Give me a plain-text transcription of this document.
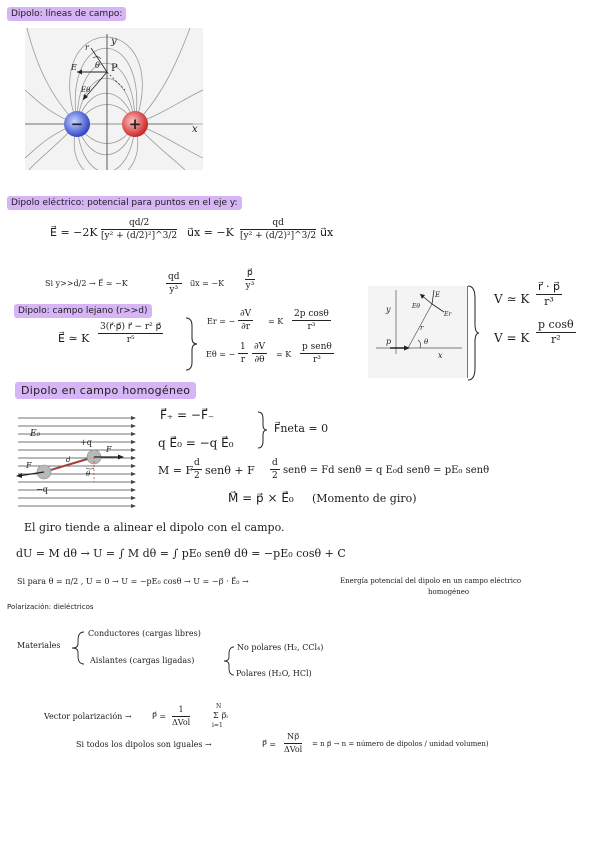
Dipolo: líneas de campo:
−	+
y
P
r
θ
E
Eθ
x
Dipolo eléctrico: potencial para puntos en el eje y:
E⃗ = $-2K \frac{qd/2}{\text{[y² + (d/2)²]\textasciicircum{}3/2}}$ u⃗x = $-K \frac{qd}{\text{[y² + (d/2)²]\textasciicircum{}3/2}}$ u⃗x
Si y>>d/2 → E⃗ ≃ −K	$\frac{qd}{\text{y³}}$ u⃗x = $-K \frac{p⃗}{\text{y³}}$
Dipolo: campo lejano (r>>d)
E⃗ ≃ K $\frac{\text{3(r⃗·p⃗) r⃗ − r² p⃗}}{\text{r⁵}}$
Er = − $\frac{\partial V}{\partial r} = K \frac{\text{2p cosθ}}{\text{r³}}$
Eθ = − $\frac{1}{r} \frac{\partial V}{\partial\theta} = K$
p senθ
r³
y
x
p
r
θ
E
Er
Eθ
V ≃ K $\frac{r⃗ \cdot p⃗}{\text{r³}}$
V = K $\frac{\text{p cosθ}}{\text{r²}}$
Dipolo en campo homogéneo
E₀
+q
−q
F
F
d
θ
F⃗₊ = −F⃗₋
q E⃗₀ = −q E⃗₀
F⃗neta = 0
M = F
$\frac{d}{2}$ senθ + F $\frac{d}{2}$ senθ = Fd senθ = q E₀d senθ = pE₀ senθ
M⃗ = p⃗ × E⃗₀ (Momento de giro)
El giro tiende a alinear el dipolo con el campo.
dU = M dθ → U = ∫ M dθ = ∫ pE₀ senθ dθ = −pE₀ cosθ + C
Si para θ = π/2 , U = 0 → U = −pE₀ cosθ → U = −p⃗ · E⃗₀ →	Energía potencial del dipolo en un campo eléctrico
homogéneo
Polarización: dieléctricos
Materiales
Conductores (cargas libres)
Aislantes (cargas ligadas)
No polares (H₂, CCl₄)
Polares (H₂O, HCl)
Vector polarización →	P⃗ =
1
ΔVol
N
Σ p⃗ᵢ
i=1
Si todos los dipolos son iguales →	P⃗ =
Np⃗
ΔVol
= n p⃗ → n = número de dipolos / unidad volumen)
